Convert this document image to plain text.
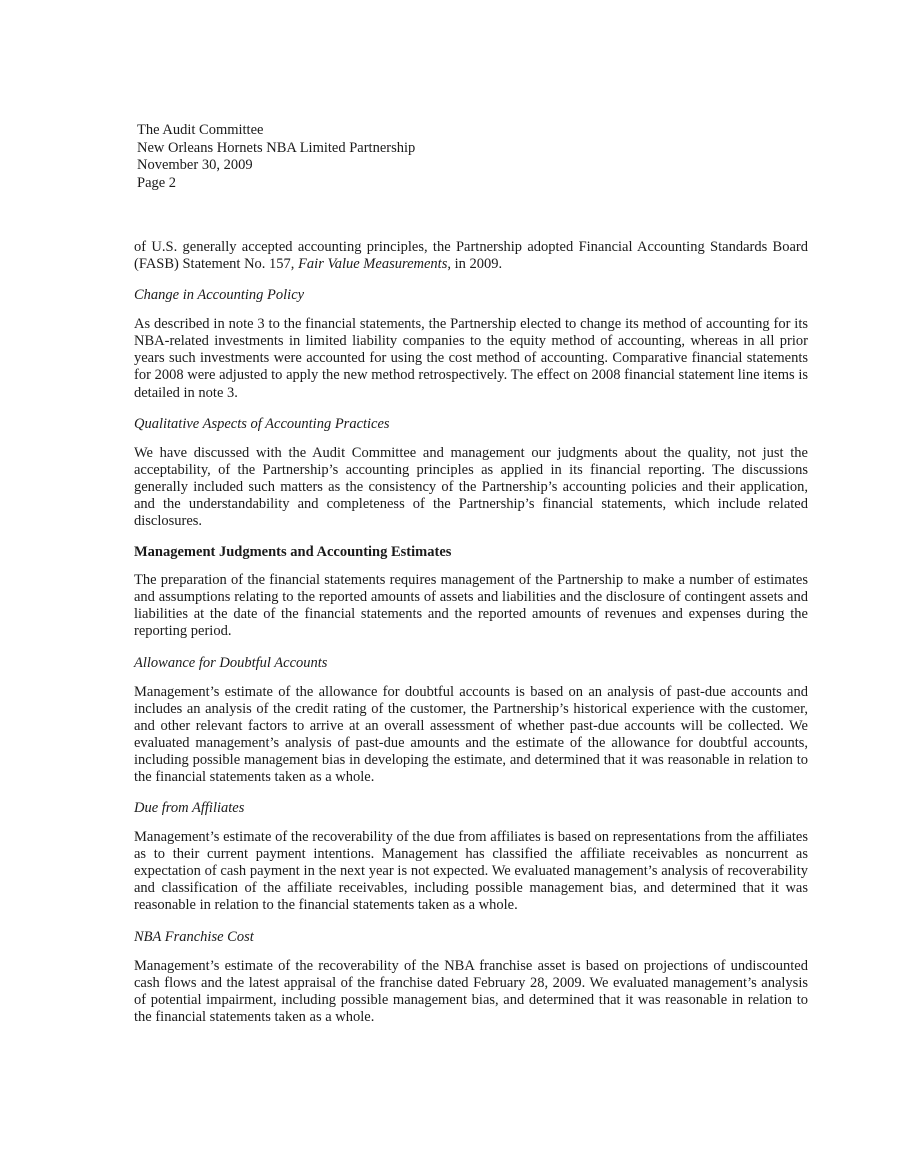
The Audit Committee
New Orleans Hornets NBA Limited Partnership
November 30, 2009
Page 2

of U.S. generally accepted accounting principles, the Partnership adopted Financial Accounting Standards Board (FASB) Statement No. 157, Fair Value Measurements, in 2009.

Change in Accounting Policy

As described in note 3 to the financial statements, the Partnership elected to change its method of accounting for its NBA-related investments in limited liability companies to the equity method of accounting, whereas in all prior years such investments were accounted for using the cost method of accounting. Comparative financial statements for 2008 were adjusted to apply the new method retrospectively. The effect on 2008 financial statement line items is detailed in note 3.

Qualitative Aspects of Accounting Practices

We have discussed with the Audit Committee and management our judgments about the quality, not just the acceptability, of the Partnership’s accounting principles as applied in its financial reporting. The discussions generally included such matters as the consistency of the Partnership’s accounting policies and their application, and the understandability and completeness of the Partnership’s financial statements, which include related disclosures.

Management Judgments and Accounting Estimates

The preparation of the financial statements requires management of the Partnership to make a number of estimates and assumptions relating to the reported amounts of assets and liabilities and the disclosure of contingent assets and liabilities at the date of the financial statements and the reported amounts of revenues and expenses during the reporting period.

Allowance for Doubtful Accounts

Management’s estimate of the allowance for doubtful accounts is based on an analysis of past-due accounts and includes an analysis of the credit rating of the customer, the Partnership’s historical experience with the customer, and other relevant factors to arrive at an overall assessment of whether past-due accounts will be collected. We evaluated management’s analysis of past-due amounts and the estimate of the allowance for doubtful accounts, including possible management bias in developing the estimate, and determined that it was reasonable in relation to the financial statements taken as a whole.

Due from Affiliates

Management’s estimate of the recoverability of the due from affiliates is based on representations from the affiliates as to their current payment intentions. Management has classified the affiliate receivables as noncurrent as expectation of cash payment in the next year is not expected. We evaluated management’s analysis of recoverability and classification of the affiliate receivables, including possible management bias, and determined that it was reasonable in relation to the financial statements taken as a whole.

NBA Franchise Cost

Management’s estimate of the recoverability of the NBA franchise asset is based on projections of undiscounted cash flows and the latest appraisal of the franchise dated February 28, 2009. We evaluated management’s analysis of potential impairment, including possible management bias, and determined that it was reasonable in relation to the financial statements taken as a whole.
